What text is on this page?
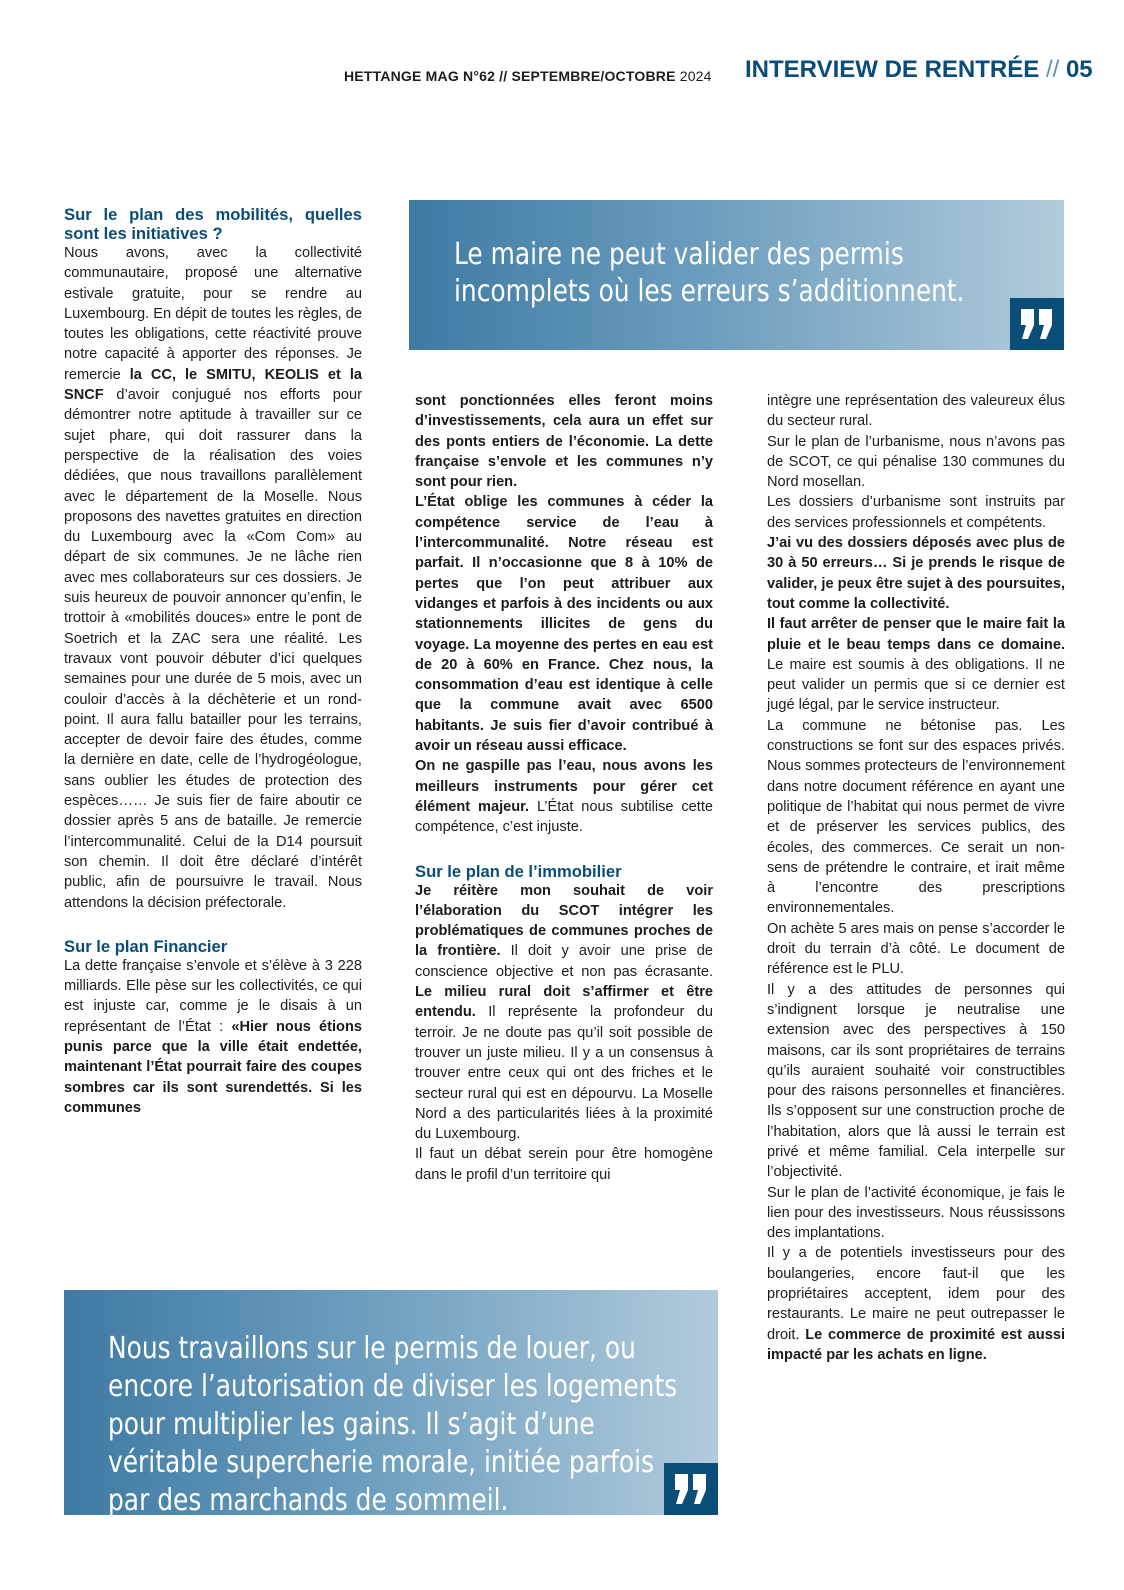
HETTANGE MAG N°62 // SEPTEMBRE/OCTOBRE 2024 INTERVIEW DE RENTRÉE // 05
Le maire ne peut valider des permis incomplets où les erreurs s’additionnent.
Sur le plan des mobilités, quelles sont les initiatives ?

Nous avons, avec la collectivité communautaire, proposé une alternative estivale gratuite, pour se rendre au Luxembourg. En dépit de toutes les règles, de toutes les obligations, cette réactivité prouve notre capacité à apporter des réponses. Je remercie la CC, le SMITU, KEOLIS et la SNCF d’avoir conjugué nos efforts pour démontrer notre aptitude à travailler sur ce sujet phare, qui doit rassurer dans la perspective de la réalisation des voies dédiées, que nous travaillons parallèlement avec le département de la Moselle. Nous proposons des navettes gratuites en direction du Luxembourg avec la «Com Com» au départ de six communes. Je ne lâche rien avec mes collaborateurs sur ces dossiers. Je suis heureux de pouvoir annoncer qu’enfin, le trottoir à «mobilités douces» entre le pont de Soetrich et la ZAC sera une réalité. Les travaux vont pouvoir débuter d’ici quelques semaines pour une durée de 5 mois, avec un couloir d’accès à la déchèterie et un rond-point. Il aura fallu batailler pour les terrains, accepter de devoir faire des études, comme la dernière en date, celle de l’hydrogéologue, sans oublier les études de protection des espèces…… Je suis fier de faire aboutir ce dossier après 5 ans de bataille. Je remercie l’intercommunalité. Celui de la D14 poursuit son chemin. Il doit être déclaré d’intérêt public, afin de poursuivre le travail. Nous attendons la décision préfectorale.

Sur le plan Financier

La dette française s’envole et s’élève à 3 228 milliards. Elle pèse sur les collectivités, ce qui est injuste car, comme je le disais à un représentant de l’État : «Hier nous étions punis parce que la ville était endettée, maintenant l’État pourrait faire des coupes sombres car ils sont surendettés. Si les communes

sont ponctionnées elles feront moins d’investissements, cela aura un effet sur des ponts entiers de l’économie. La dette française s’envole et les communes n’y sont pour rien.

L’État oblige les communes à céder la compétence service de l’eau à l’intercommunalité. Notre réseau est parfait. Il n’occasionne que 8 à 10% de pertes que l’on peut attribuer aux vidanges et parfois à des incidents ou aux stationnements illicites de gens du voyage. La moyenne des pertes en eau est de 20 à 60% en France. Chez nous, la consommation d’eau est identique à celle que la commune avait avec 6500 habitants. Je suis fier d’avoir contribué à avoir un réseau aussi efficace.

On ne gaspille pas l’eau, nous avons les meilleurs instruments pour gérer cet élément majeur. L’État nous subtilise cette compétence, c’est injuste.

Sur le plan de l’immobilier

Je réitère mon souhait de voir l’élaboration du SCOT intégrer les problématiques de communes proches de la frontière. Il doit y avoir une prise de conscience objective et non pas écrasante. Le milieu rural doit s’affirmer et être entendu. Il représente la profondeur du terroir. Je ne doute pas qu’il soit possible de trouver un juste milieu. Il y a un consensus à trouver entre ceux qui ont des friches et le secteur rural qui est en dépourvu. La Moselle Nord a des particularités liées à la proximité du Luxembourg.

Il faut un débat serein pour être homogène dans le profil d’un territoire qui

intègre une représentation des valeureux élus du secteur rural.

Sur le plan de l’urbanisme, nous n’avons pas de SCOT, ce qui pénalise 130 communes du Nord mosellan.

Les dossiers d’urbanisme sont instruits par des services professionnels et compétents.

J’ai vu des dossiers déposés avec plus de 30 à 50 erreurs… Si je prends le risque de valider, je peux être sujet à des poursuites, tout comme la collectivité.

Il faut arrêter de penser que le maire fait la pluie et le beau temps dans ce domaine. Le maire est soumis à des obligations. Il ne peut valider un permis que si ce dernier est jugé légal, par le service instructeur.

La commune ne bétonise pas. Les constructions se font sur des espaces privés. Nous sommes protecteurs de l’environnement dans notre document référence en ayant une politique de l’habitat qui nous permet de vivre et de préserver les services publics, des écoles, des commerces. Ce serait un non-sens de prétendre le contraire, et irait même à l’encontre des prescriptions environnementales.

On achète 5 ares mais on pense s’accorder le droit du terrain d’à côté. Le document de référence est le PLU.

Il y a des attitudes de personnes qui s’indignent lorsque je neutralise une extension avec des perspectives à 150 maisons, car ils sont propriétaires de terrains qu’ils auraient souhaité voir constructibles pour des raisons personnelles et financières. Ils s’opposent sur une construction proche de l’habitation, alors que là aussi le terrain est privé et même familial. Cela interpelle sur l’objectivité.

Sur le plan de l’activité économique, je fais le lien pour des investisseurs. Nous réussissons des implantations.

Il y a de potentiels investisseurs pour des boulangeries, encore faut-il que les propriétaires acceptent, idem pour des restaurants. Le maire ne peut outrepasser le droit. Le commerce de proximité est aussi impacté par les achats en ligne.

Nous travaillons sur le permis de louer, ou encore l’autorisation de diviser les logements pour multiplier les gains. Il s’agit d’une véritable supercherie morale, initiée parfois par des marchands de sommeil.
